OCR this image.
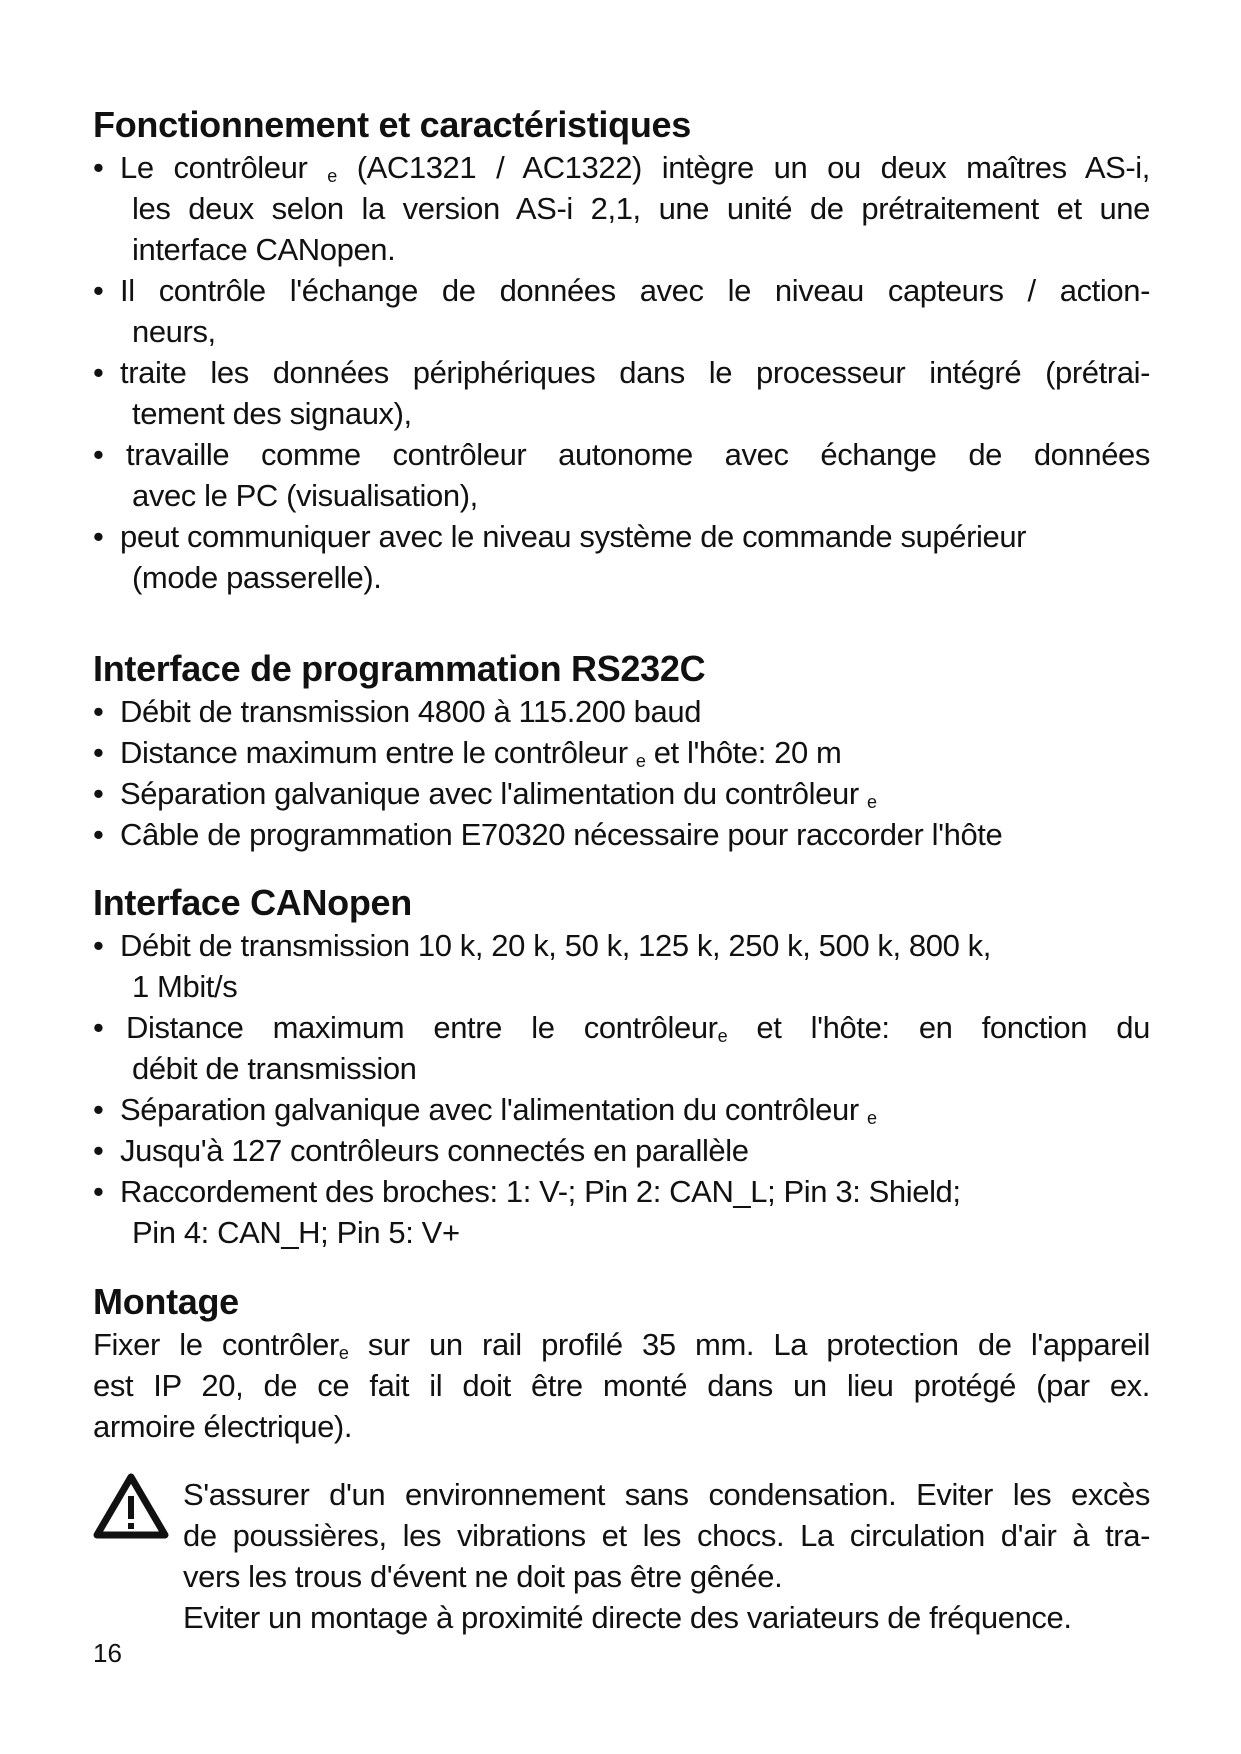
Fonctionnement et caractéristiques
• Le contrôleur $_e$ (AC1321 / AC1322) intègre un ou deux maîtres AS-i,
les deux selon la version AS-i 2,1, une unité de prétraitement et une
interface CANopen.
• Il contrôle l'échange de données avec le niveau capteurs / action-
neurs,
• traite les données périphériques dans le processeur intégré (prétrai-
tement des signaux),
• travaille comme contrôleur autonome avec échange de données
avec le PC (visualisation),
• peut communiquer avec le niveau système de commande supérieur
(mode passerelle).
Interface de programmation RS232C
• Débit de transmission 4800 à 115.200 baud
• Distance maximum entre le contrôleur $_e$ et l'hôte: 20 m
• Séparation galvanique avec l'alimentation du contrôleur $_e$
• Câble de programmation E70320 nécessaire pour raccorder l'hôte
Interface CANopen
• Débit de transmission 10 k, 20 k, 50 k, 125 k, 250 k, 500 k, 800 k,
1 Mbit/s
• Distance maximum entre le contrôleur$_e$ et l'hôte: en fonction du
débit de transmission
• Séparation galvanique avec l'alimentation du contrôleur $_e$
• Jusqu'à 127 contrôleurs connectés en parallèle
• Raccordement des broches: 1: V-; Pin 2: CAN_L; Pin 3: Shield;
Pin 4: CAN_H; Pin 5: V+
Montage
Fixer le contrôler$_e$ sur un rail profilé 35 mm. La protection de l'appareil
est IP 20, de ce fait il doit être monté dans un lieu protégé (par ex.
armoire électrique).
S'assurer d'un environnement sans condensation. Eviter les excès
de poussières, les vibrations et les chocs. La circulation d'air à tra-
vers les trous d'évent ne doit pas être gênée.
Eviter un montage à proximité directe des variateurs de fréquence.
16
